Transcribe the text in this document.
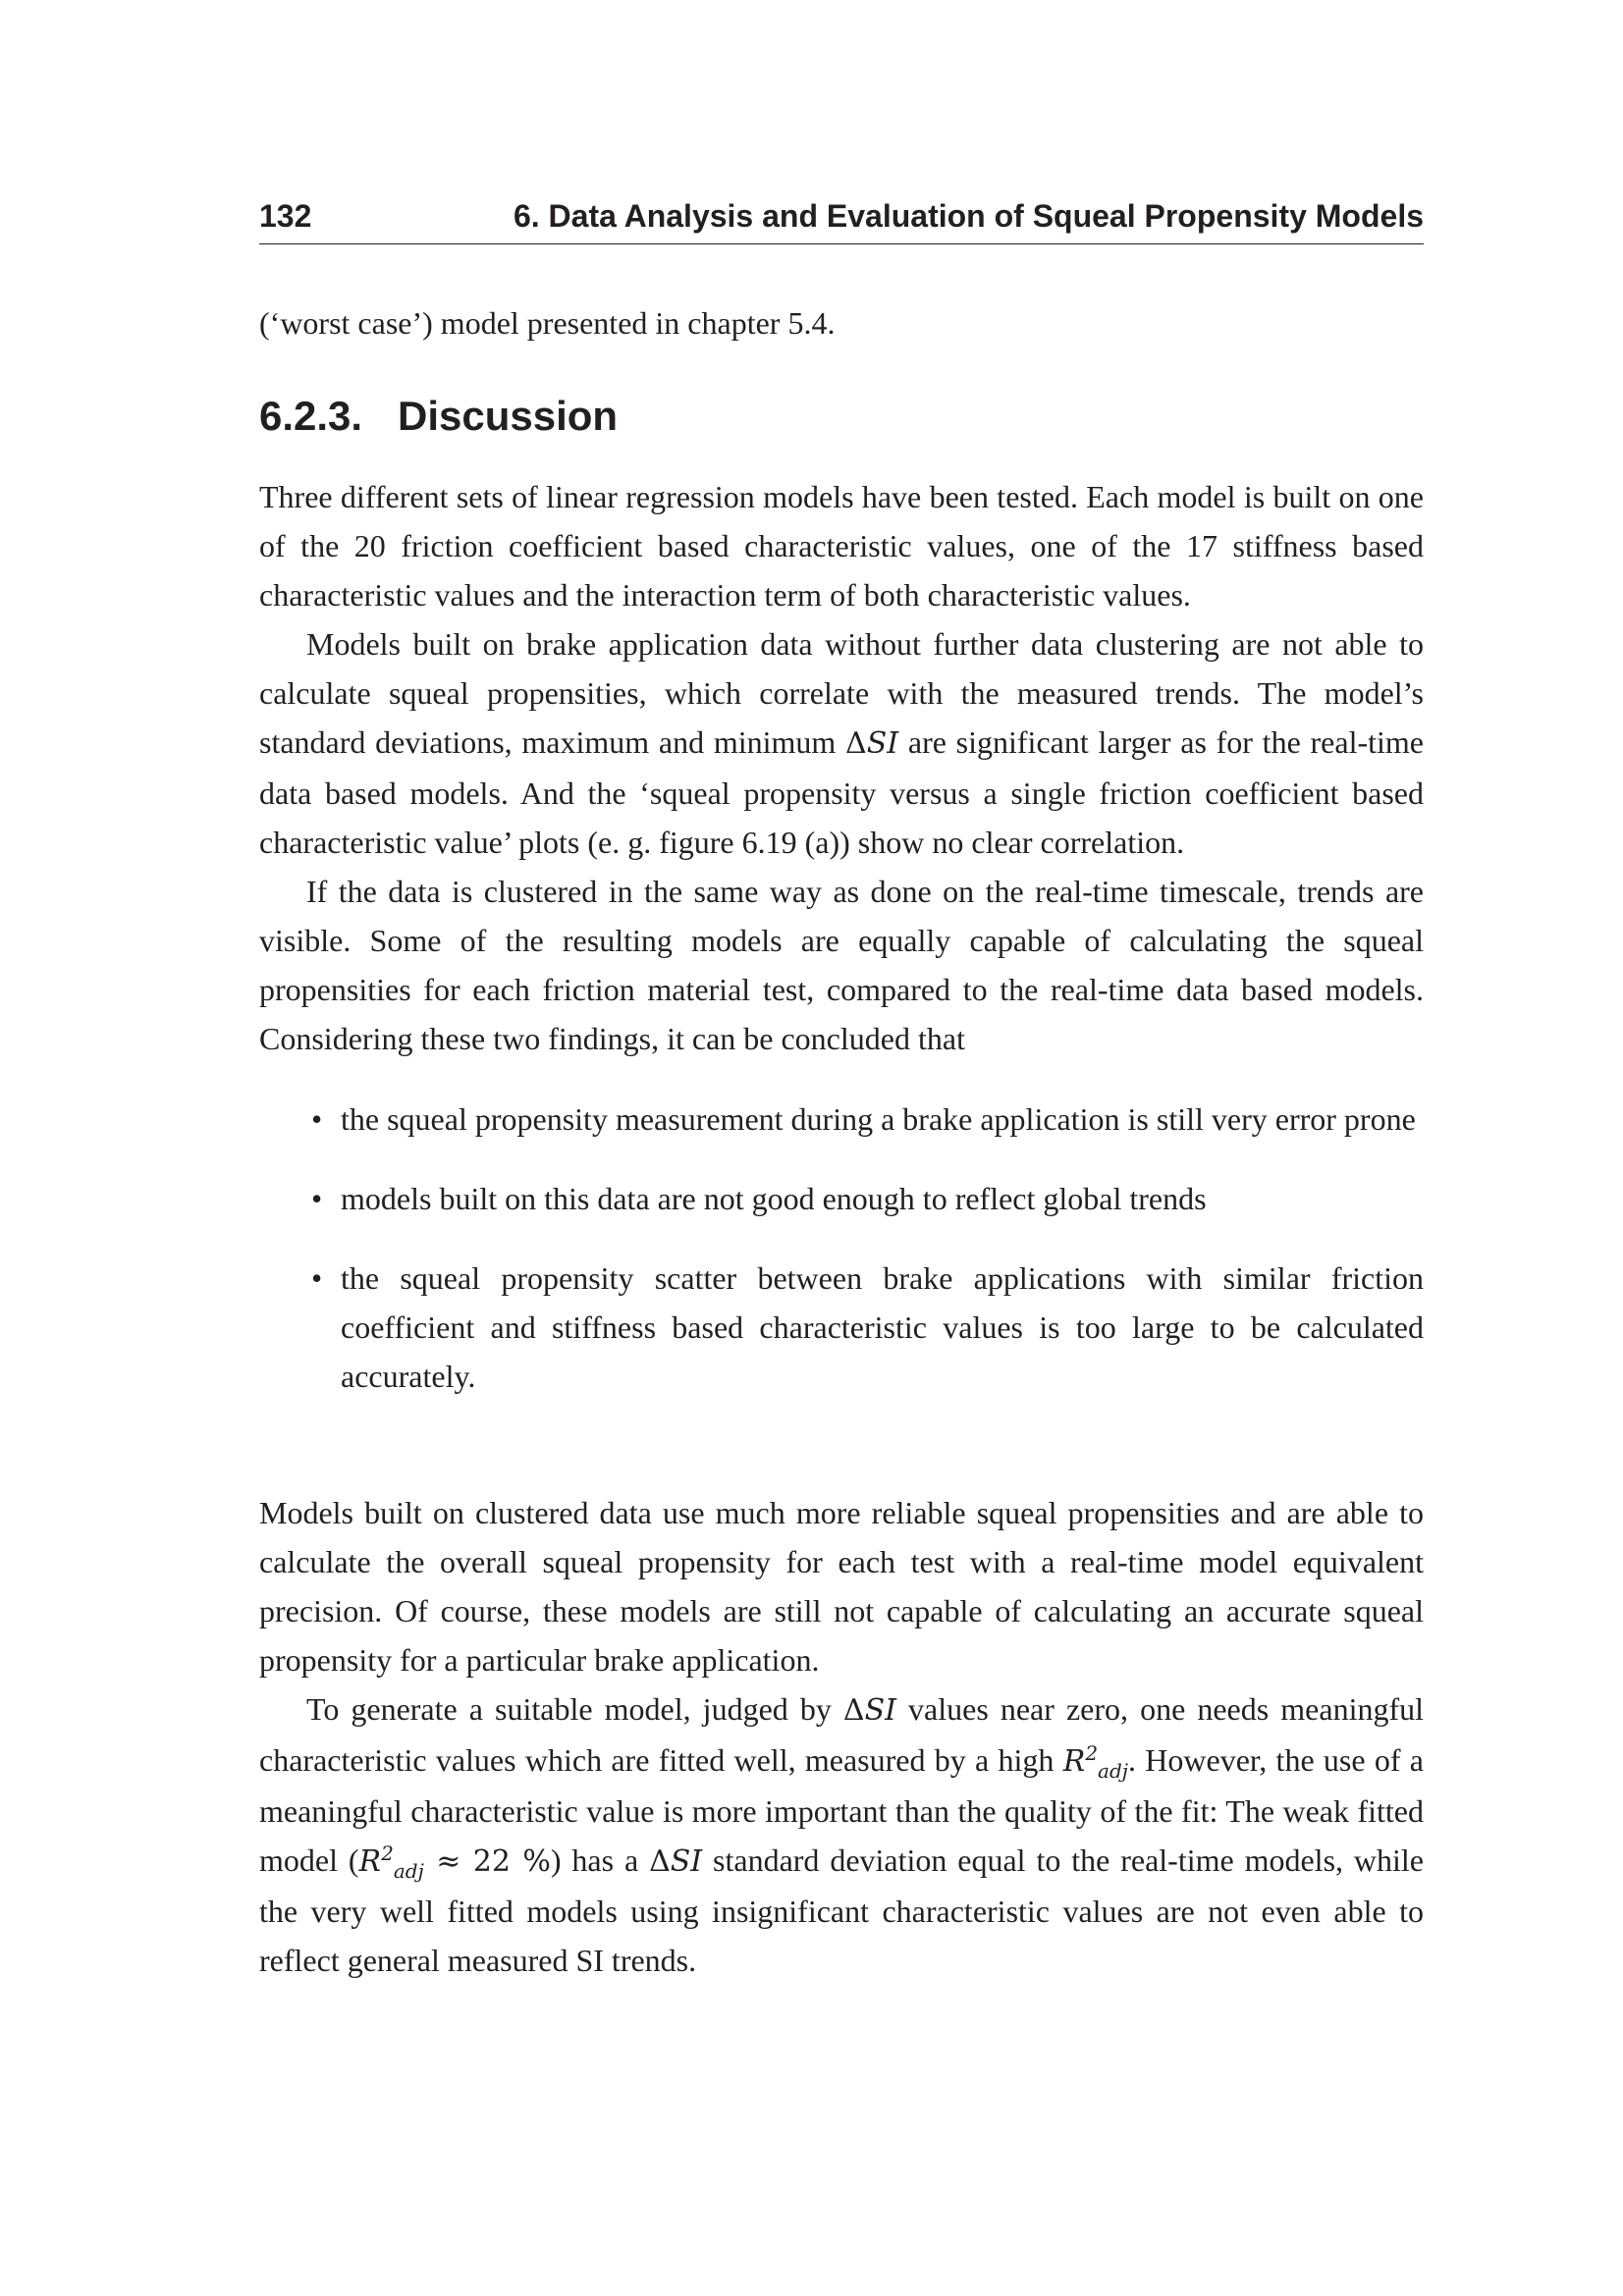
132	6. Data Analysis and Evaluation of Squeal Propensity Models

(‘worst case’) model presented in chapter 5.4.

6.2.3. Discussion

Three different sets of linear regression models have been tested. Each model is built on one of the 20 friction coefficient based characteristic values, one of the 17 stiffness based characteristic values and the interaction term of both characteristic values.

Models built on brake application data without further data clustering are not able to calculate squeal propensities, which correlate with the measured trends. The model’s standard deviations, maximum and minimum ΔSI are significant larger as for the real-time data based models. And the ‘squeal propensity versus a single friction coefficient based characteristic value’ plots (e. g. figure 6.19 (a)) show no clear correlation.

If the data is clustered in the same way as done on the real-time timescale, trends are visible. Some of the resulting models are equally capable of calculating the squeal propensities for each friction material test, compared to the real-time data based models. Considering these two findings, it can be concluded that

• the squeal propensity measurement during a brake application is still very error prone
• models built on this data are not good enough to reflect global trends
• the squeal propensity scatter between brake applications with similar friction coefficient and stiffness based characteristic values is too large to be calculated accurately.

Models built on clustered data use much more reliable squeal propensities and are able to calculate the overall squeal propensity for each test with a real-time model equivalent precision. Of course, these models are still not capable of calculating an accurate squeal propensity for a particular brake application.

To generate a suitable model, judged by ΔSI values near zero, one needs meaningful characteristic values which are fitted well, measured by a high $R^2_{adj}$. However, the use of a meaningful characteristic value is more important than the quality of the fit: The weak fitted model ($R^2_{adj} \approx 22$ %) has a ΔSI standard deviation equal to the real-time models, while the very well fitted models using insignificant characteristic values are not even able to reflect general measured SI trends.
